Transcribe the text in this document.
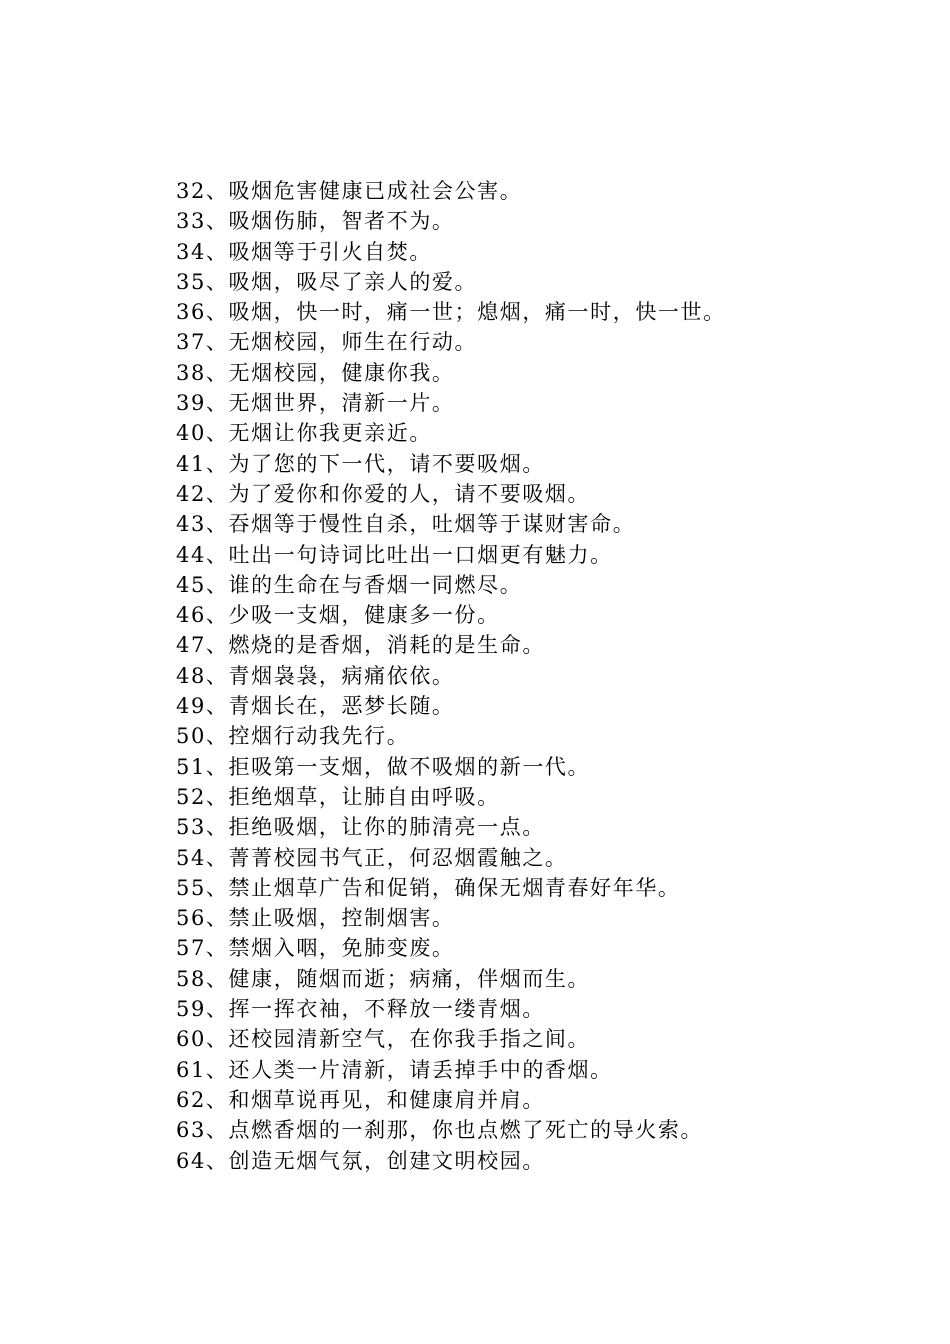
32、吸烟危害健康已成社会公害。
33、吸烟伤肺，智者不为。
34、吸烟等于引火自焚。
35、吸烟，吸尽了亲人的爱。
36、吸烟，快一时，痛一世；熄烟，痛一时，快一世。
37、无烟校园，师生在行动。
38、无烟校园，健康你我。
39、无烟世界，清新一片。
40、无烟让你我更亲近。
41、为了您的下一代，请不要吸烟。
42、为了爱你和你爱的人，请不要吸烟。
43、吞烟等于慢性自杀，吐烟等于谋财害命。
44、吐出一句诗词比吐出一口烟更有魅力。
45、谁的生命在与香烟一同燃尽。
46、少吸一支烟，健康多一份。
47、燃烧的是香烟，消耗的是生命。
48、青烟袅袅，病痛依依。
49、青烟长在，恶梦长随。
50、控烟行动我先行。
51、拒吸第一支烟，做不吸烟的新一代。
52、拒绝烟草，让肺自由呼吸。
53、拒绝吸烟，让你的肺清亮一点。
54、菁菁校园书气正，何忍烟霞触之。
55、禁止烟草广告和促销，确保无烟青春好年华。
56、禁止吸烟，控制烟害。
57、禁烟入咽，免肺变废。
58、健康，随烟而逝；病痛，伴烟而生。
59、挥一挥衣袖，不释放一缕青烟。
60、还校园清新空气，在你我手指之间。
61、还人类一片清新，请丢掉手中的香烟。
62、和烟草说再见，和健康肩并肩。
63、点燃香烟的一刹那，你也点燃了死亡的导火索。
64、创造无烟气氛，创建文明校园。
